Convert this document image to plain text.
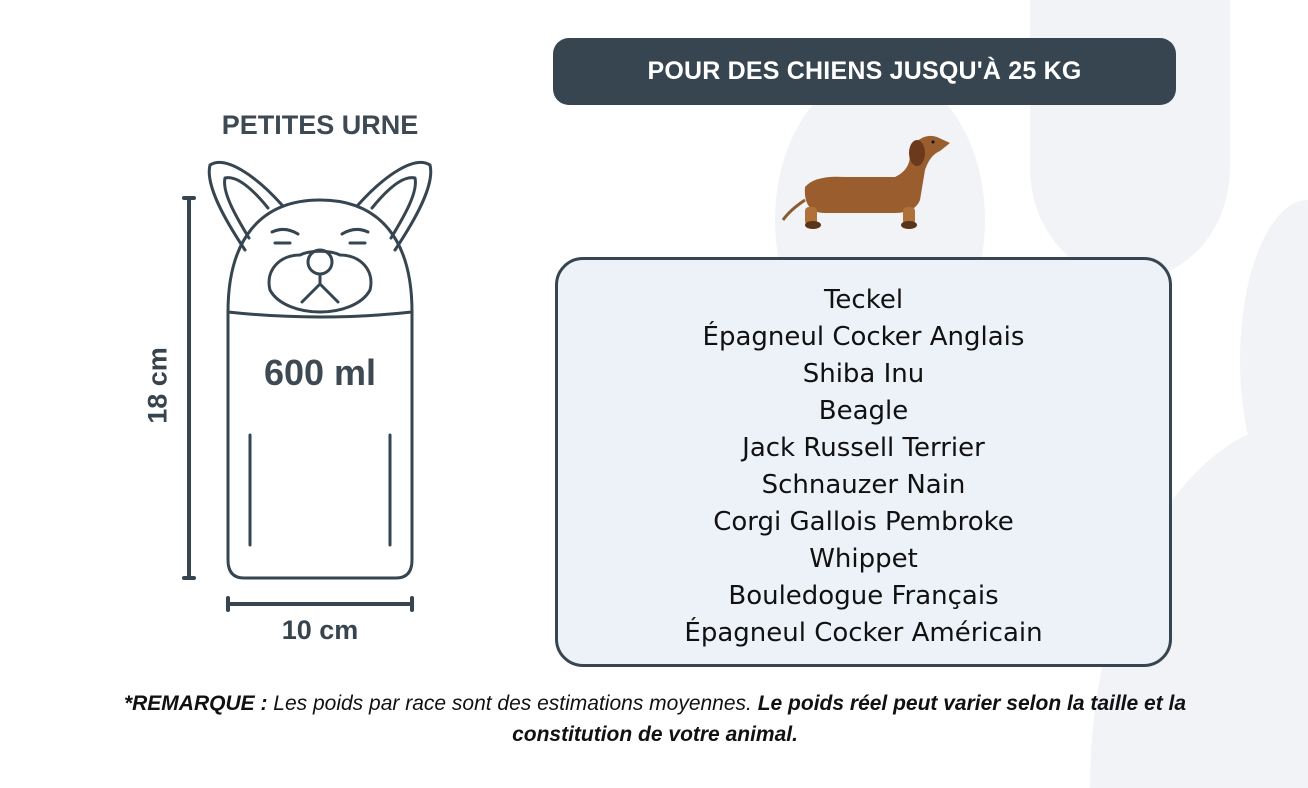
POUR DES CHIENS JUSQU'À 25 KG
PETITES URNE
600 ml
18 cm
10 cm
Teckel
Épagneul Cocker Anglais
Shiba Inu
Beagle
Jack Russell Terrier
Schnauzer Nain
Corgi Gallois Pembroke
Whippet
Bouledogue Français
Épagneul Cocker Américain
*REMARQUE : Les poids par race sont des estimations moyennes. Le poids réel peut varier selon la taille et la constitution de votre animal.
